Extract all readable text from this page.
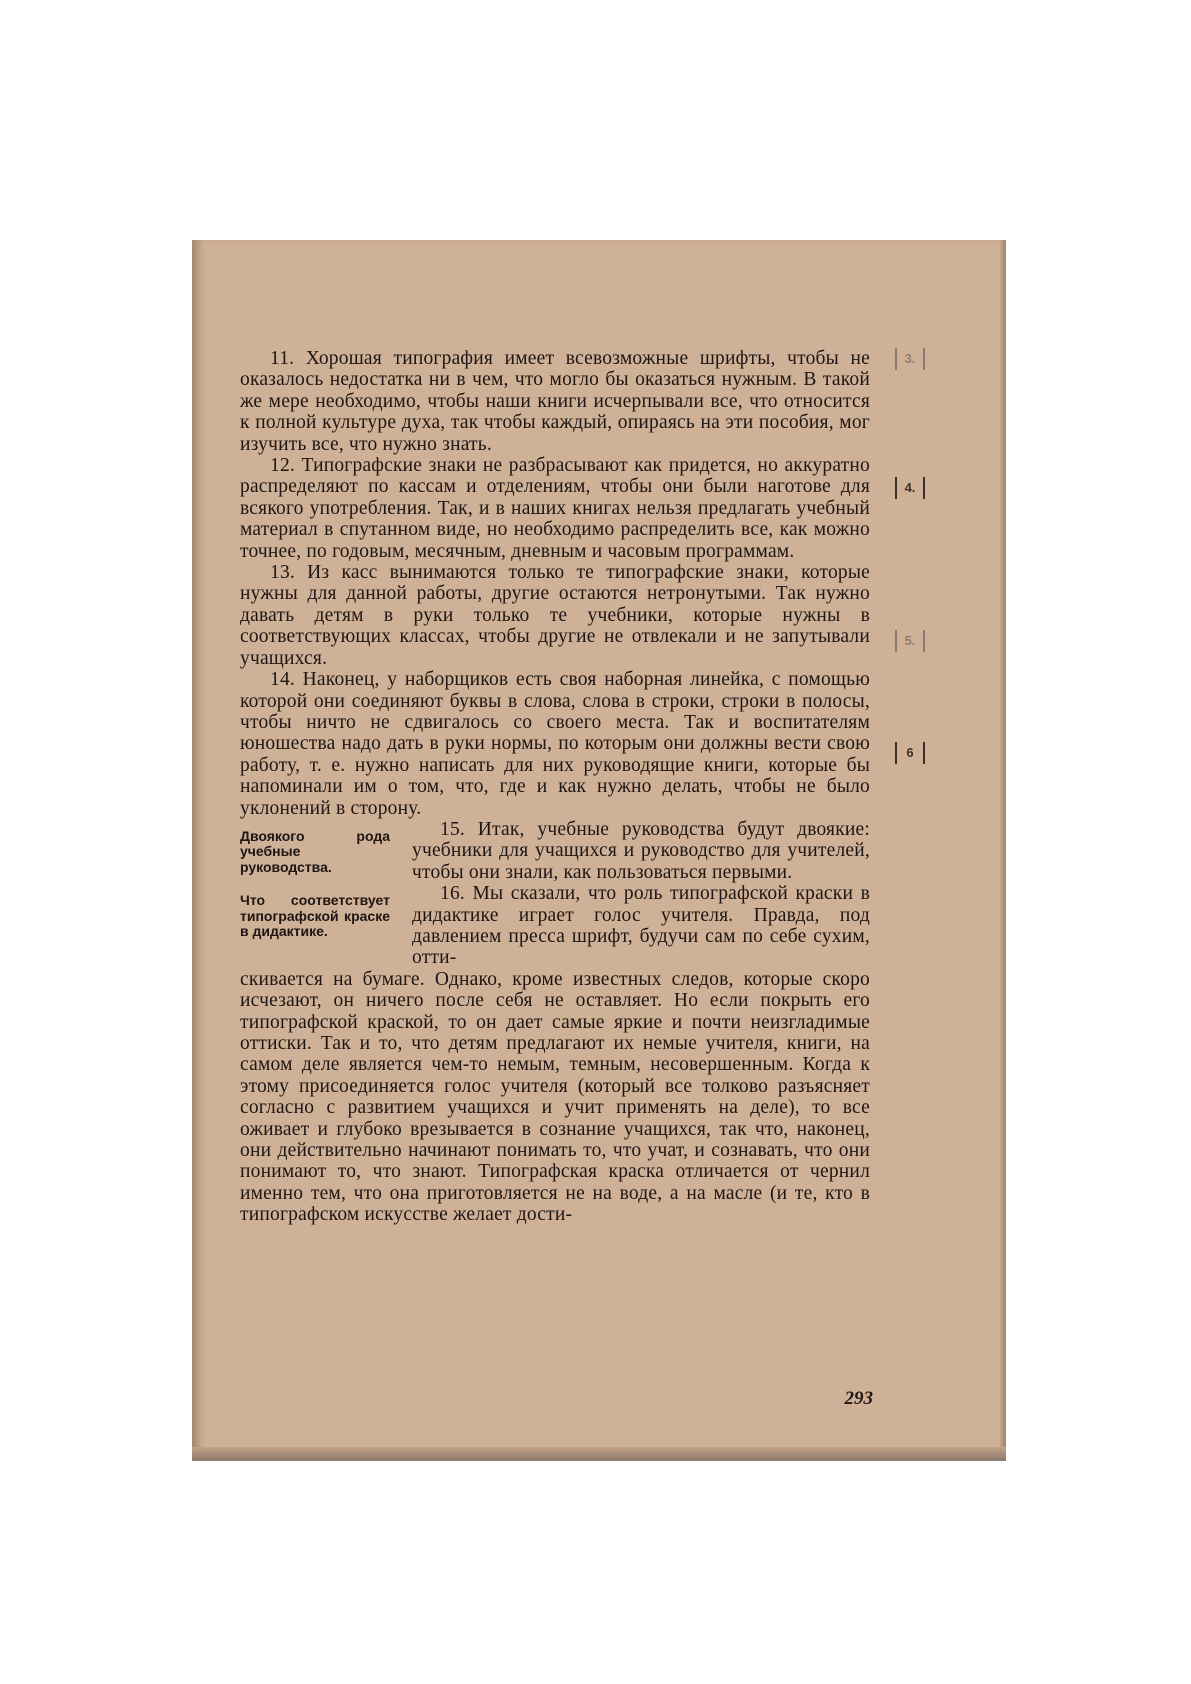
11. Хорошая типография имеет всевозможные шрифты, чтобы не оказалось недостатка ни в чем, что могло бы оказаться нужным. В такой же мере необходимо, чтобы наши книги исчерпывали все, что относится к полной культуре духа, так чтобы каждый, опираясь на эти пособия, мог изучить все, что нужно знать.

12. Типографские знаки не разбрасывают как придется, но аккуратно распределяют по кассам и отделениям, чтобы они были наготове для всякого употребления. Так, и в наших книгах нельзя предлагать учебный материал в спутанном виде, но необходимо распределить все, как можно точнее, по годовым, месячным, дневным и часовым программам.

13. Из касс вынимаются только те типографские знаки, которые нужны для данной работы, другие остаются нетронутыми. Так нужно давать детям в руки только те учебники, которые нужны в соответствующих классах, чтобы другие не отвлекали и не запутывали учащихся.

14. Наконец, у наборщиков есть своя наборная линейка, с помощью которой они соединяют буквы в слова, слова в строки, строки в полосы, чтобы ничто не сдвигалось со своего места. Так и воспитателям юношества надо дать в руки нормы, по которым они должны вести свою работу, т. е. нужно написать для них руководящие книги, которые бы напоминали им о том, что, где и как нужно делать, чтобы не было уклонений в сторону.

Двоякого рода учебные руководства.

15. Итак, учебные руководства будут двоякие: учебники для учащихся и руководство для учителей, чтобы они знали, как пользоваться первыми.

Что соответствует типографской краске в дидактике.

16. Мы сказали, что роль типографской краски в дидактике играет голос учителя. Правда, под давлением пресса шрифт, будучи сам по себе сухим, отти-

скивается на бумаге. Однако, кроме известных следов, которые скоро исчезают, он ничего после себя не оставляет. Но если покрыть его типографской краской, то он дает самые яркие и почти неизгладимые оттиски. Так и то, что детям предлагают их немые учителя, книги, на самом деле является чем-то немым, темным, несовершенным. Когда к этому присоединяется голос учителя (который все толково разъясняет согласно с развитием учащихся и учит применять на деле), то все оживает и глубоко врезывается в сознание учащихся, так что, наконец, они действительно начинают понимать то, что учат, и сознавать, что они понимают то, что знают. Типографская краска отличается от чернил именно тем, что она приготовляется не на воде, а на масле (и те, кто в типографском искусстве желает дости-

3.
4.
5.
6
293
